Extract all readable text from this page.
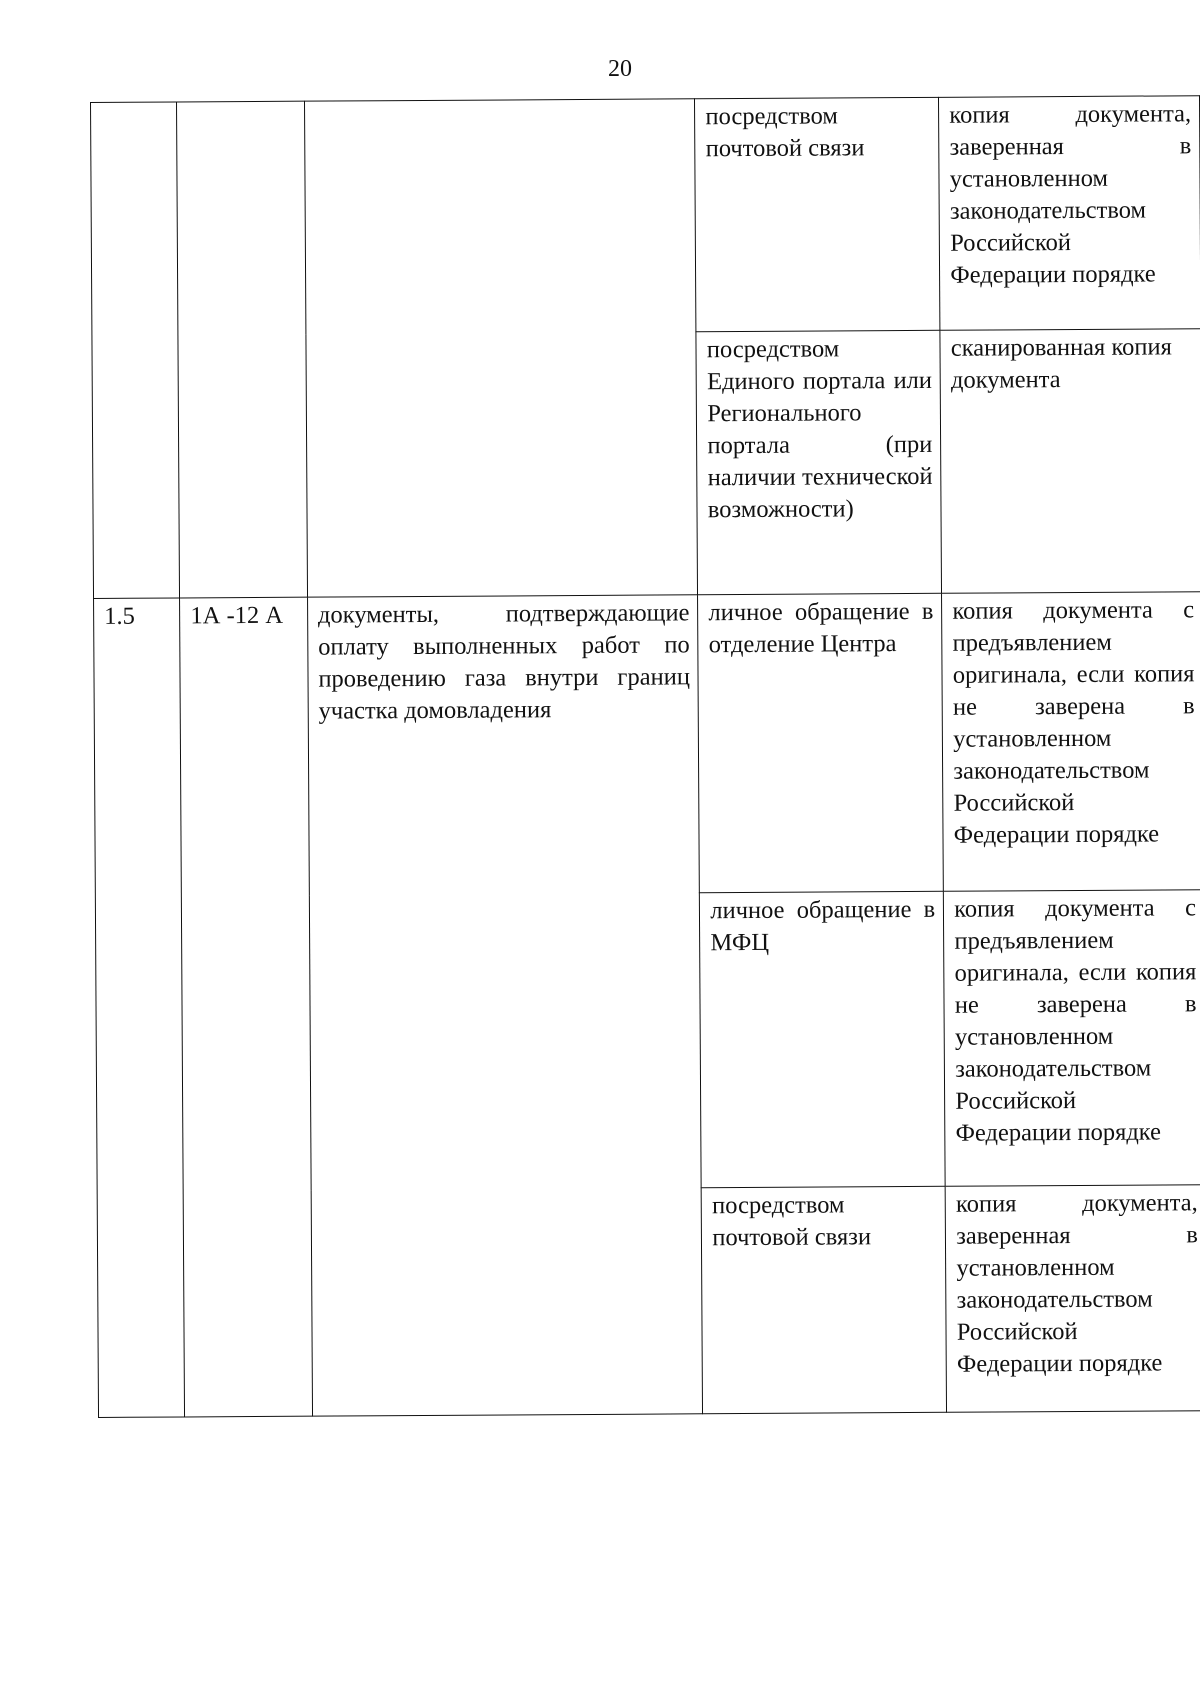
20
			посредством почтовой связи	копия документа, заверенная в установленном законодательством Российской Федерации порядке
			посредством Единого портала или Регионального портала (при наличии технической возможности)	сканированная копия документа
1.5	1А -12 А	документы, подтверждающие оплату выполненных работ по проведению газа внутри границ участка домовладения	личное обращение в отделение Центра	копия документа с предъявлением оригинала, если копия не заверена в установленном законодательством Российской Федерации порядке
			личное обращение в МФЦ	копия документа с предъявлением оригинала, если копия не заверена в установленном законодательством Российской Федерации порядке
			посредством почтовой связи	копия документа, заверенная в установленном законодательством Российской Федерации порядке
